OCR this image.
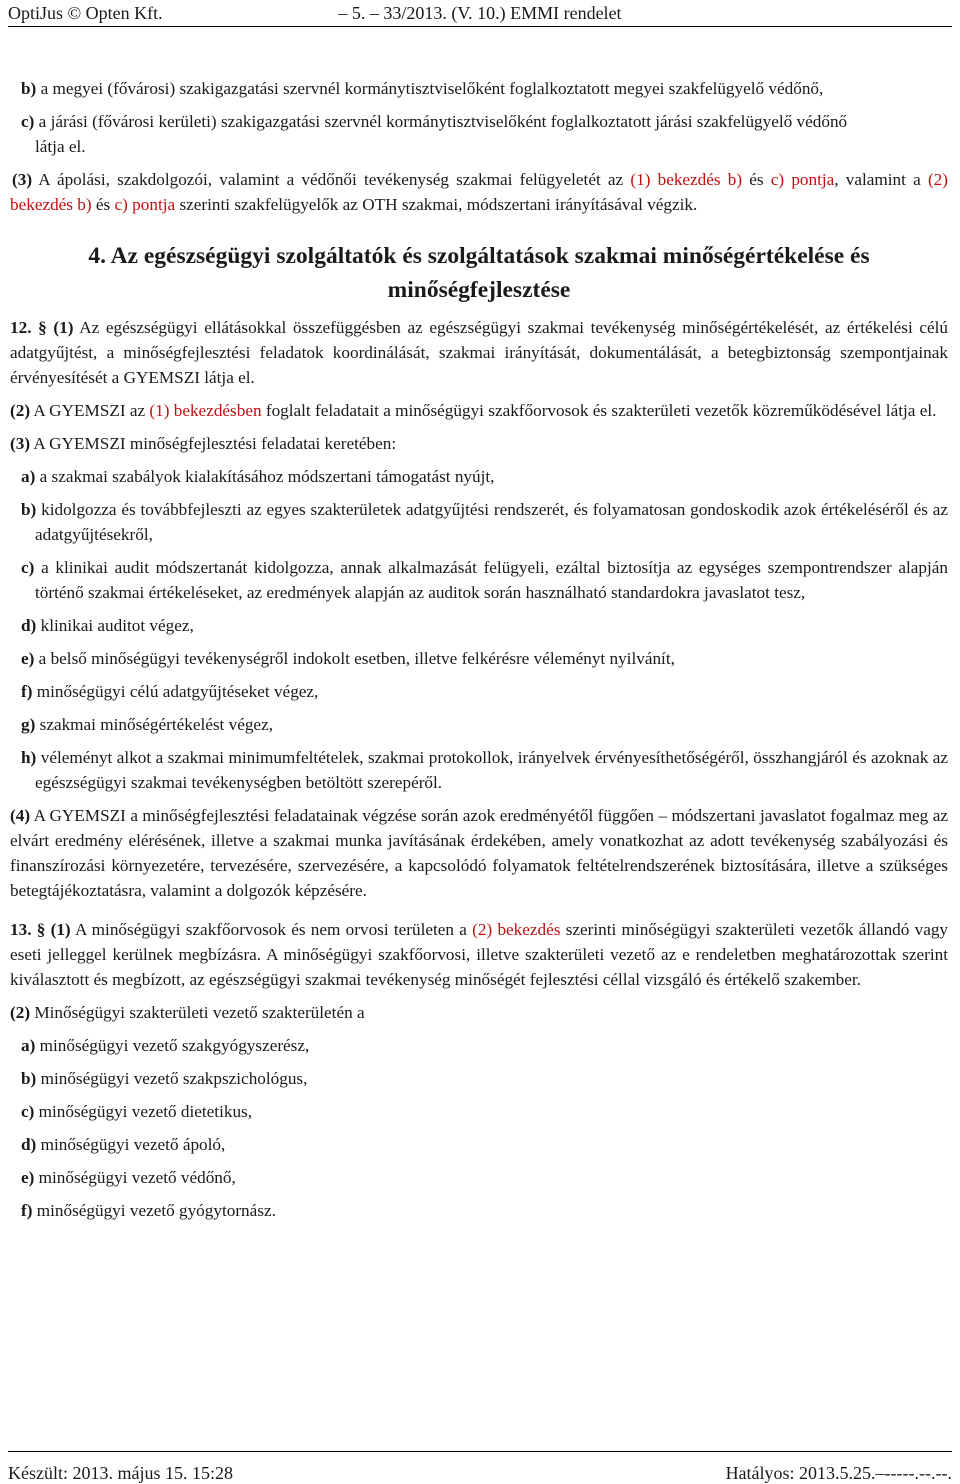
OptiJus © Opten Kft.	– 5. – 33/2013. (V. 10.) EMMI rendelet

b) a megyei (fővárosi) szakigazgatási szervnél kormánytisztviselőként foglalkoztatott megyei szakfelügyelő védőnő,

c) a járási (fővárosi kerületi) szakigazgatási szervnél kormánytisztviselőként foglalkoztatott járási szakfelügyelő védőnő

látja el.

(3) A ápolási, szakdolgozói, valamint a védőnői tevékenység szakmai felügyeletét az (1) bekezdés b) és c) pontja, valamint a (2) bekezdés b) és c) pontja szerinti szakfelügyelők az OTH szakmai, módszertani irányításával végzik.

4. Az egészségügyi szolgáltatók és szolgáltatások szakmai minőségértékelése és minőségfejlesztése

12. § (1) Az egészségügyi ellátásokkal összefüggésben az egészségügyi szakmai tevékenység minőségértékelését, az értékelési célú adatgyűjtést, a minőségfejlesztési feladatok koordinálását, szakmai irányítását, dokumentálását, a betegbiztonság szempontjainak érvényesítését a GYEMSZI látja el.

(2) A GYEMSZI az (1) bekezdésben foglalt feladatait a minőségügyi szakfőorvosok és szakterületi vezetők közreműködésével látja el.

(3) A GYEMSZI minőségfejlesztési feladatai keretében:

a) a szakmai szabályok kialakításához módszertani támogatást nyújt,

b) kidolgozza és továbbfejleszti az egyes szakterületek adatgyűjtési rendszerét, és folyamatosan gondoskodik azok értékeléséről és az adatgyűjtésekről,

c) a klinikai audit módszertanát kidolgozza, annak alkalmazását felügyeli, ezáltal biztosítja az egységes szempontrendszer alapján történő szakmai értékeléseket, az eredmények alapján az auditok során használható standardokra javaslatot tesz,

d) klinikai auditot végez,

e) a belső minőségügyi tevékenységről indokolt esetben, illetve felkérésre véleményt nyilvánít,

f) minőségügyi célú adatgyűjtéseket végez,

g) szakmai minőségértékelést végez,

h) véleményt alkot a szakmai minimumfeltételek, szakmai protokollok, irányelvek érvényesíthetőségéről, összhangjáról és azoknak az egészségügyi szakmai tevékenységben betöltött szerepéről.

(4) A GYEMSZI a minőségfejlesztési feladatainak végzése során azok eredményétől függően – módszertani javaslatot fogalmaz meg az elvárt eredmény elérésének, illetve a szakmai munka javításának érdekében, amely vonatkozhat az adott tevékenység szabályozási és finanszírozási környezetére, tervezésére, szervezésére, a kapcsolódó folyamatok feltételrendszerének biztosítására, illetve a szükséges betegtájékoztatásra, valamint a dolgozók képzésére.

13. § (1) A minőségügyi szakfőorvosok és nem orvosi területen a (2) bekezdés szerinti minőségügyi szakterületi vezetők állandó vagy eseti jelleggel kerülnek megbízásra. A minőségügyi szakfőorvosi, illetve szakterületi vezető az e rendeletben meghatározottak szerint kiválasztott és megbízott, az egészségügyi szakmai tevékenység minőségét fejlesztési céllal vizsgáló és értékelő szakember.

(2) Minőségügyi szakterületi vezető szakterületén a

a) minőségügyi vezető szakgyógyszerész,

b) minőségügyi vezető szakpszichológus,

c) minőségügyi vezető dietetikus,

d) minőségügyi vezető ápoló,

e) minőségügyi vezető védőnő,

f) minőségügyi vezető gyógytornász.

Készült: 2013. május 15. 15:28	Hatályos: 2013.5.25.–-----.--.--.
